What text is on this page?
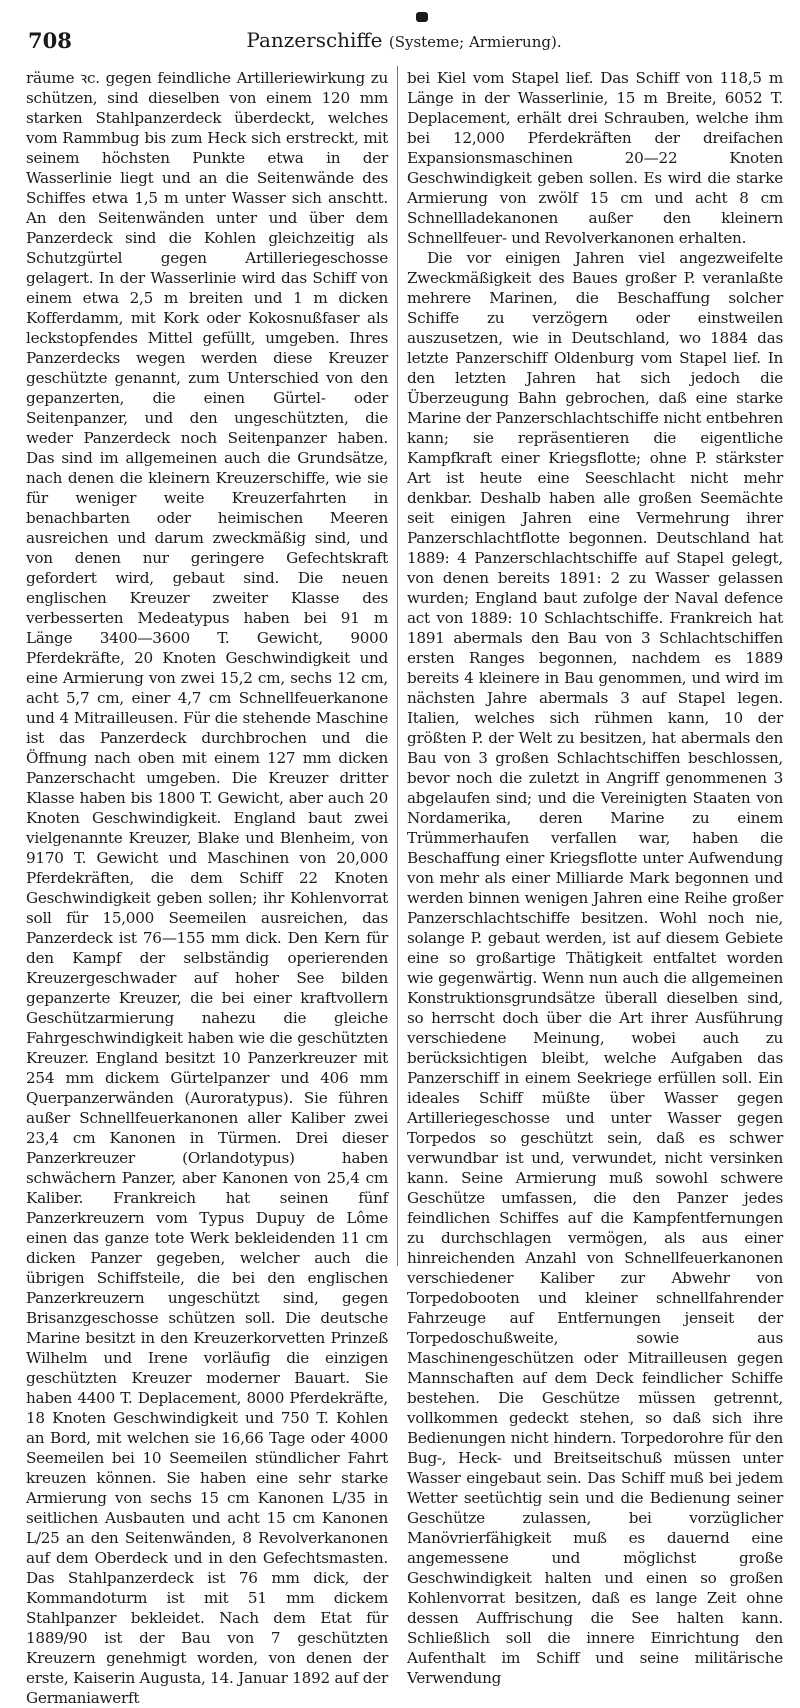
708	Panzerschiffe (Systeme; Armierung).

räume ꝛc. gegen feindliche Artilleriewirkung zu schützen, sind dieselben von einem 120 mm starken Stahlpanzerdeck überdeckt, welches vom Rammbug bis zum Heck sich erstreckt, mit seinem höchsten Punkte etwa in der Wasserlinie liegt und an die Seitenwände des Schiffes etwa 1,5 m unter Wasser sich anschtt. An den Seitenwänden unter und über dem Panzerdeck sind die Kohlen gleichzeitig als Schutzgürtel gegen Artilleriegeschosse gelagert. In der Wasserlinie wird das Schiff von einem etwa 2,5 m breiten und 1 m dicken Kofferdamm, mit Kork oder Kokosnußfaser als leckstopfendes Mittel gefüllt, umgeben. Ihres Panzerdecks wegen werden diese Kreuzer geschützte genannt, zum Unterschied von den gepanzerten, die einen Gürtel- oder Seitenpanzer, und den ungeschützten, die weder Panzerdeck noch Seitenpanzer haben. Das sind im allgemeinen auch die Grundsätze, nach denen die kleinern Kreuzerschiffe, wie sie für weniger weite Kreuzerfahrten in benachbarten oder heimischen Meeren ausreichen und darum zweckmäßig sind, und von denen nur geringere Gefechtskraft gefordert wird, gebaut sind. Die neuen englischen Kreuzer zweiter Klasse des verbesserten Medeatypus haben bei 91 m Länge 3400—3600 T. Gewicht, 9000 Pferdekräfte, 20 Knoten Geschwindigkeit und eine Armierung von zwei 15,2 cm, sechs 12 cm, acht 5,7 cm, einer 4,7 cm Schnellfeuerkanone und 4 Mitrailleusen. Für die stehende Maschine ist das Panzerdeck durchbrochen und die Öffnung nach oben mit einem 127 mm dicken Panzerschacht umgeben. Die Kreuzer dritter Klasse haben bis 1800 T. Gewicht, aber auch 20 Knoten Geschwindigkeit. England baut zwei vielgenannte Kreuzer, Blake und Blenheim, von 9170 T. Gewicht und Maschinen von 20,000 Pferdekräften, die dem Schiff 22 Knoten Geschwindigkeit geben sollen; ihr Kohlenvorrat soll für 15,000 Seemeilen ausreichen, das Panzerdeck ist 76—155 mm dick. Den Kern für den Kampf der selbständig operierenden Kreuzergeschwader auf hoher See bilden gepanzerte Kreuzer, die bei einer kraftvollern Geschützarmierung nahezu die gleiche Fahrgeschwindigkeit haben wie die geschützten Kreuzer. England besitzt 10 Panzerkreuzer mit 254 mm dickem Gürtelpanzer und 406 mm Querpanzerwänden (Auroratypus). Sie führen außer Schnellfeuerkanonen aller Kaliber zwei 23,4 cm Kanonen in Türmen. Drei dieser Panzerkreuzer (Orlandotypus) haben schwächern Panzer, aber Kanonen von 25,4 cm Kaliber. Frankreich hat seinen fünf Panzerkreuzern vom Typus Dupuy de Lôme einen das ganze tote Werk bekleidenden 11 cm dicken Panzer gegeben, welcher auch die übrigen Schiffsteile, die bei den englischen Panzerkreuzern ungeschützt sind, gegen Brisanzgeschosse schützen soll. Die deutsche Marine besitzt in den Kreuzerkorvetten Prinzeß Wilhelm und Irene vorläufig die einzigen geschützten Kreuzer moderner Bauart. Sie haben 4400 T. Deplacement, 8000 Pferdekräfte, 18 Knoten Geschwindigkeit und 750 T. Kohlen an Bord, mit welchen sie 16,66 Tage oder 4000 Seemeilen bei 10 Seemeilen stündlicher Fahrt kreuzen können. Sie haben eine sehr starke Armierung von sechs 15 cm Kanonen L/35 in seitlichen Ausbauten und acht 15 cm Kanonen L/25 an den Seitenwänden, 8 Revolverkanonen auf dem Oberdeck und in den Gefechtsmasten. Das Stahlpanzerdeck ist 76 mm dick, der Kommandoturm ist mit 51 mm dickem Stahlpanzer bekleidet. Nach dem Etat für 1889/90 ist der Bau von 7 geschützten Kreuzern genehmigt worden, von denen der erste, Kaiserin Augusta, 14. Januar 1892 auf der Germaniawerft

bei Kiel vom Stapel lief. Das Schiff von 118,5 m Länge in der Wasserlinie, 15 m Breite, 6052 T. Deplacement, erhält drei Schrauben, welche ihm bei 12,000 Pferdekräften der dreifachen Expansionsmaschinen 20—22 Knoten Geschwindigkeit geben sollen. Es wird die starke Armierung von zwölf 15 cm und acht 8 cm Schnellladekanonen außer den kleinern Schnellfeuer- und Revolverkanonen erhalten.

Die vor einigen Jahren viel angezweifelte Zweckmäßigkeit des Baues großer P. veranlaßte mehrere Marinen, die Beschaffung solcher Schiffe zu verzögern oder einstweilen auszusetzen, wie in Deutschland, wo 1884 das letzte Panzerschiff Oldenburg vom Stapel lief. In den letzten Jahren hat sich jedoch die Überzeugung Bahn gebrochen, daß eine starke Marine der Panzerschlachtschiffe nicht entbehren kann; sie repräsentieren die eigentliche Kampfkraft einer Kriegsflotte; ohne P. stärkster Art ist heute eine Seeschlacht nicht mehr denkbar. Deshalb haben alle großen Seemächte seit einigen Jahren eine Vermehrung ihrer Panzerschlachtflotte begonnen. Deutschland hat 1889: 4 Panzerschlachtschiffe auf Stapel gelegt, von denen bereits 1891: 2 zu Wasser gelassen wurden; England baut zufolge der Naval defence act von 1889: 10 Schlachtschiffe. Frankreich hat 1891 abermals den Bau von 3 Schlachtschiffen ersten Ranges begonnen, nachdem es 1889 bereits 4 kleinere in Bau genommen, und wird im nächsten Jahre abermals 3 auf Stapel legen. Italien, welches sich rühmen kann, 10 der größten P. der Welt zu besitzen, hat abermals den Bau von 3 großen Schlachtschiffen beschlossen, bevor noch die zuletzt in Angriff genommenen 3 abgelaufen sind; und die Vereinigten Staaten von Nordamerika, deren Marine zu einem Trümmerhaufen verfallen war, haben die Beschaffung einer Kriegsflotte unter Aufwendung von mehr als einer Milliarde Mark begonnen und werden binnen wenigen Jahren eine Reihe großer Panzerschlachtschiffe besitzen. Wohl noch nie, solange P. gebaut werden, ist auf diesem Gebiete eine so großartige Thätigkeit entfaltet worden wie gegenwärtig. Wenn nun auch die allgemeinen Konstruktionsgrundsätze überall dieselben sind, so herrscht doch über die Art ihrer Ausführung verschiedene Meinung, wobei auch zu berücksichtigen bleibt, welche Aufgaben das Panzerschiff in einem Seekriege erfüllen soll. Ein ideales Schiff müßte über Wasser gegen Artilleriegeschosse und unter Wasser gegen Torpedos so geschützt sein, daß es schwer verwundbar ist und, verwundet, nicht versinken kann. Seine Armierung muß sowohl schwere Geschütze umfassen, die den Panzer jedes feindlichen Schiffes auf die Kampfentfernungen zu durchschlagen vermögen, als aus einer hinreichenden Anzahl von Schnellfeuerkanonen verschiedener Kaliber zur Abwehr von Torpedobooten und kleiner schnellfahrender Fahrzeuge auf Entfernungen jenseit der Torpedoschußweite, sowie aus Maschinengeschützen oder Mitrailleusen gegen Mannschaften auf dem Deck feindlicher Schiffe bestehen. Die Geschütze müssen getrennt, vollkommen gedeckt stehen, so daß sich ihre Bedienungen nicht hindern. Torpedorohre für den Bug-, Heck- und Breitseitschuß müssen unter Wasser eingebaut sein. Das Schiff muß bei jedem Wetter seetüchtig sein und die Bedienung seiner Geschütze zulassen, bei vorzüglicher Manövrierfähigkeit muß es dauernd eine angemessene und möglichst große Geschwindigkeit halten und einen so großen Kohlenvorrat besitzen, daß es lange Zeit ohne dessen Auffrischung die See halten kann. Schließlich soll die innere Einrichtung den Aufenthalt im Schiff und seine militärische Verwendung
